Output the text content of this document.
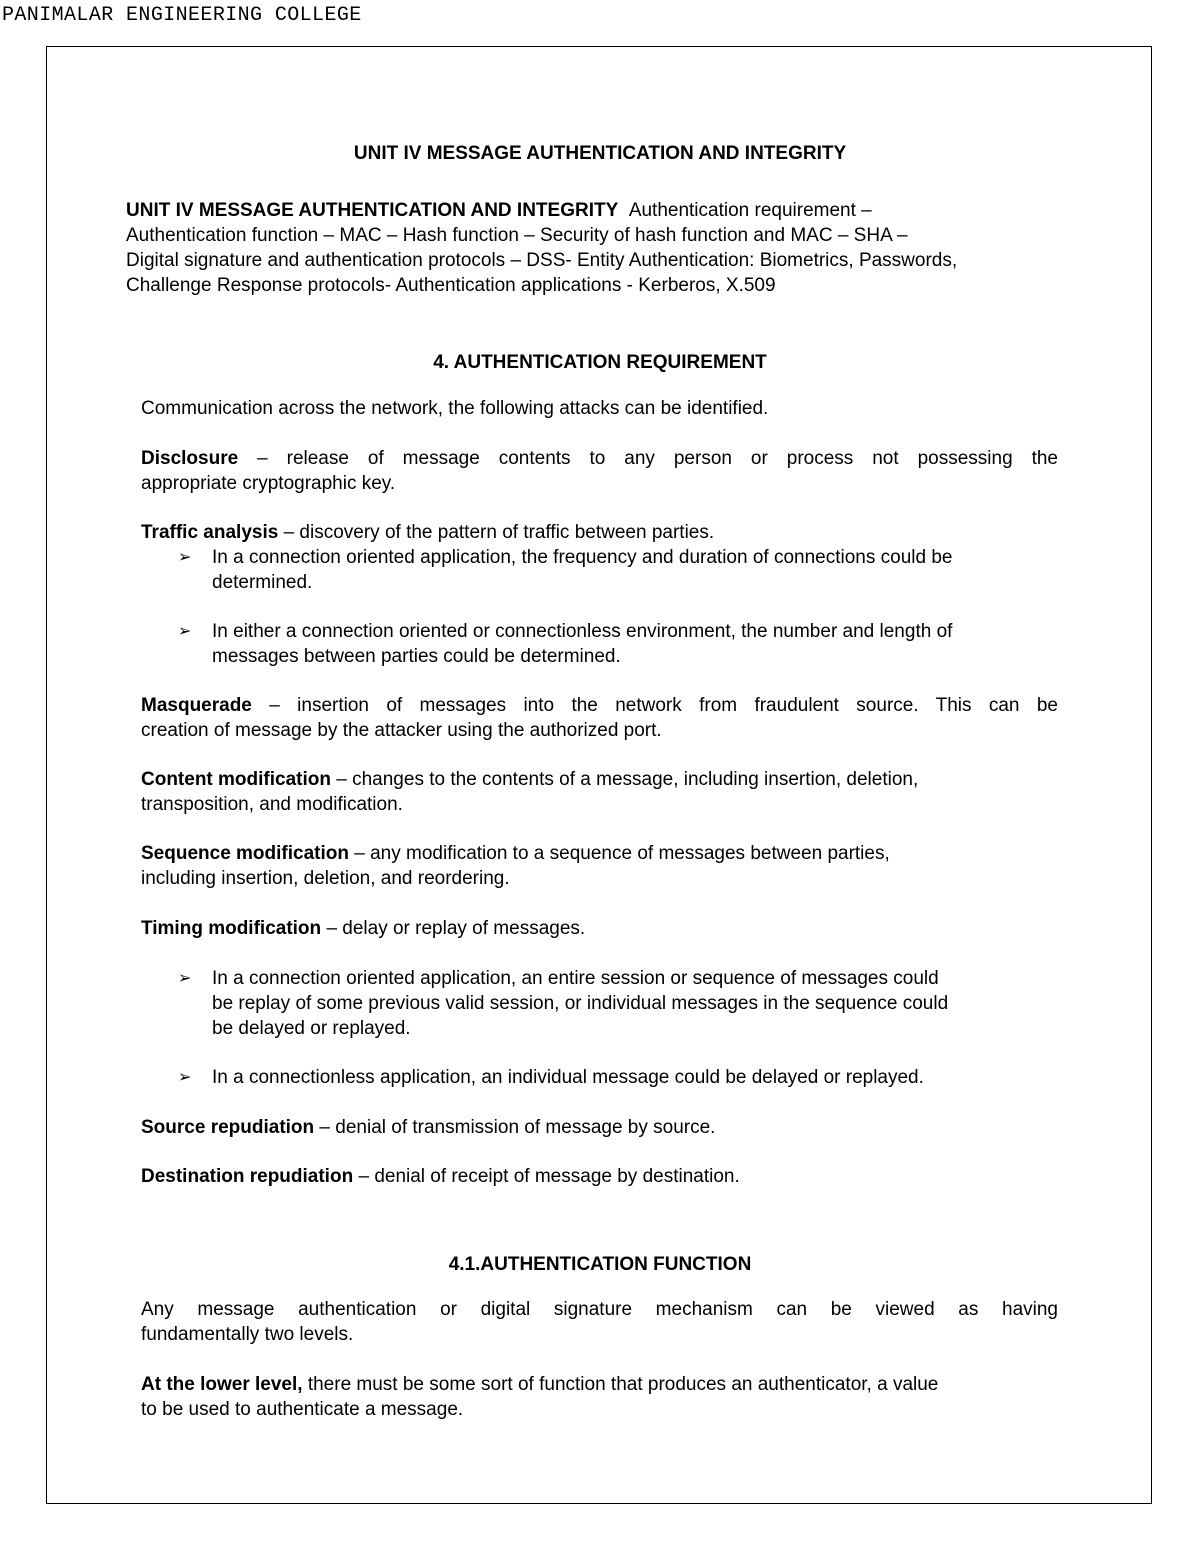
PANIMALAR ENGINEERING COLLEGE
UNIT IV MESSAGE AUTHENTICATION AND INTEGRITY
UNIT IV MESSAGE AUTHENTICATION AND INTEGRITY Authentication requirement –
Authentication function – MAC – Hash function – Security of hash function and MAC – SHA –
Digital signature and authentication protocols – DSS- Entity Authentication: Biometrics, Passwords,
Challenge Response protocols- Authentication applications - Kerberos, X.509
4. AUTHENTICATION REQUIREMENT
Communication across the network, the following attacks can be identified.
Disclosure – release of message contents to any person or process not possessing the
appropriate cryptographic key.
Traffic analysis – discovery of the pattern of traffic between parties.
➢ In a connection oriented application, the frequency and duration of connections could be
determined.
➢ In either a connection oriented or connectionless environment, the number and length of
messages between parties could be determined.
Masquerade – insertion of messages into the network from fraudulent source. This can be
creation of message by the attacker using the authorized port.
Content modification – changes to the contents of a message, including insertion, deletion,
transposition, and modification.
Sequence modification – any modification to a sequence of messages between parties,
including insertion, deletion, and reordering.
Timing modification – delay or replay of messages.
➢ In a connection oriented application, an entire session or sequence of messages could
be replay of some previous valid session, or individual messages in the sequence could
be delayed or replayed.
➢ In a connectionless application, an individual message could be delayed or replayed.
Source repudiation – denial of transmission of message by source.
Destination repudiation – denial of receipt of message by destination.
4.1.AUTHENTICATION FUNCTION
Any message authentication or digital signature mechanism can be viewed as having
fundamentally two levels.
At the lower level, there must be some sort of function that produces an authenticator, a value
to be used to authenticate a message.
